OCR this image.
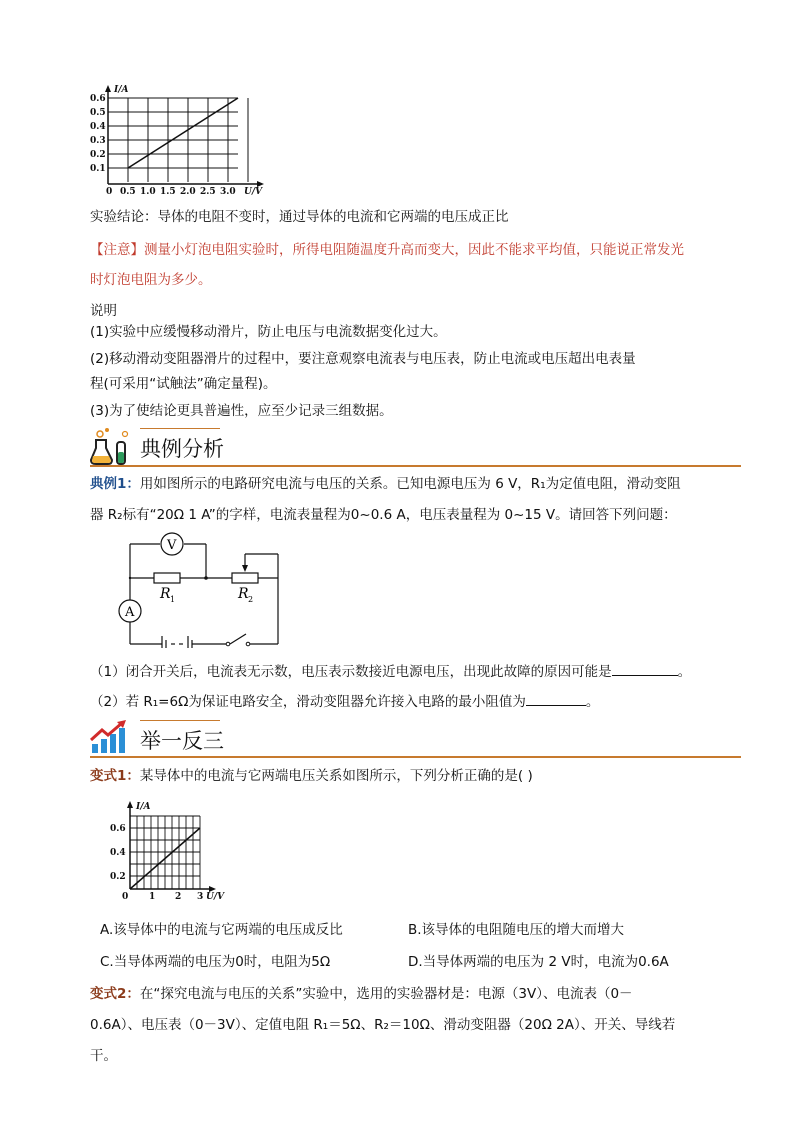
I/A
0.6
0.5
0.4
0.3
0.2
0.1
0 0.5 1.0 1.5 2.0 2.5 3.0 U/V
实验结论：导体的电阻不变时，通过导体的电流和它两端的电压成正比
【注意】测量小灯泡电阻实验时，所得电阻随温度升高而变大，因此不能求平均值，只能说正常发光
时灯泡电阻为多少。
说明
(1)实验中应缓慢移动滑片，防止电压与电流数据变化过大。
(2)移动滑动变阻器滑片的过程中，要注意观察电流表与电压表，防止电流或电压超出电表量
程(可采用“试触法”确定量程)。
(3)为了使结论更具普遍性，应至少记录三组数据。
典例分析
典例1：用如图所示的电路研究电流与电压的关系。已知电源电压为 6 V，R₁为定值电阻，滑动变阻
器 R₂标有“20Ω 1 A”的字样，电流表量程为0~0.6 A，电压表量程为 0~15 V。请回答下列问题：
V
A
R 1	R 2
（1）闭合开关后，电流表无示数，电压表示数接近电源电压，出现此故障的原因可能是	。
（2）若 R₁=6Ω为保证电路安全，滑动变阻器允许接入电路的最小阻值为	。
举一反三
变式1：某导体中的电流与它两端电压关系如图所示，下列分析正确的是( )
I/A
0.6
0.4
0.2
0 1 2 3 U/V
A.该导体中的电流与它两端的电压成反比	B.该导体的电阻随电压的增大而增大
C.当导体两端的电压为0时，电阻为5Ω	D.当导体两端的电压为 2 V时，电流为0.6A
变式2：在“探究电流与电压的关系”实验中，选用的实验器材是：电源（3V）、电流表（0－
0.6A）、电压表（0－3V）、定值电阻 R₁＝5Ω、R₂＝10Ω、滑动变阻器（20Ω 2A）、开关、导线若
干。
